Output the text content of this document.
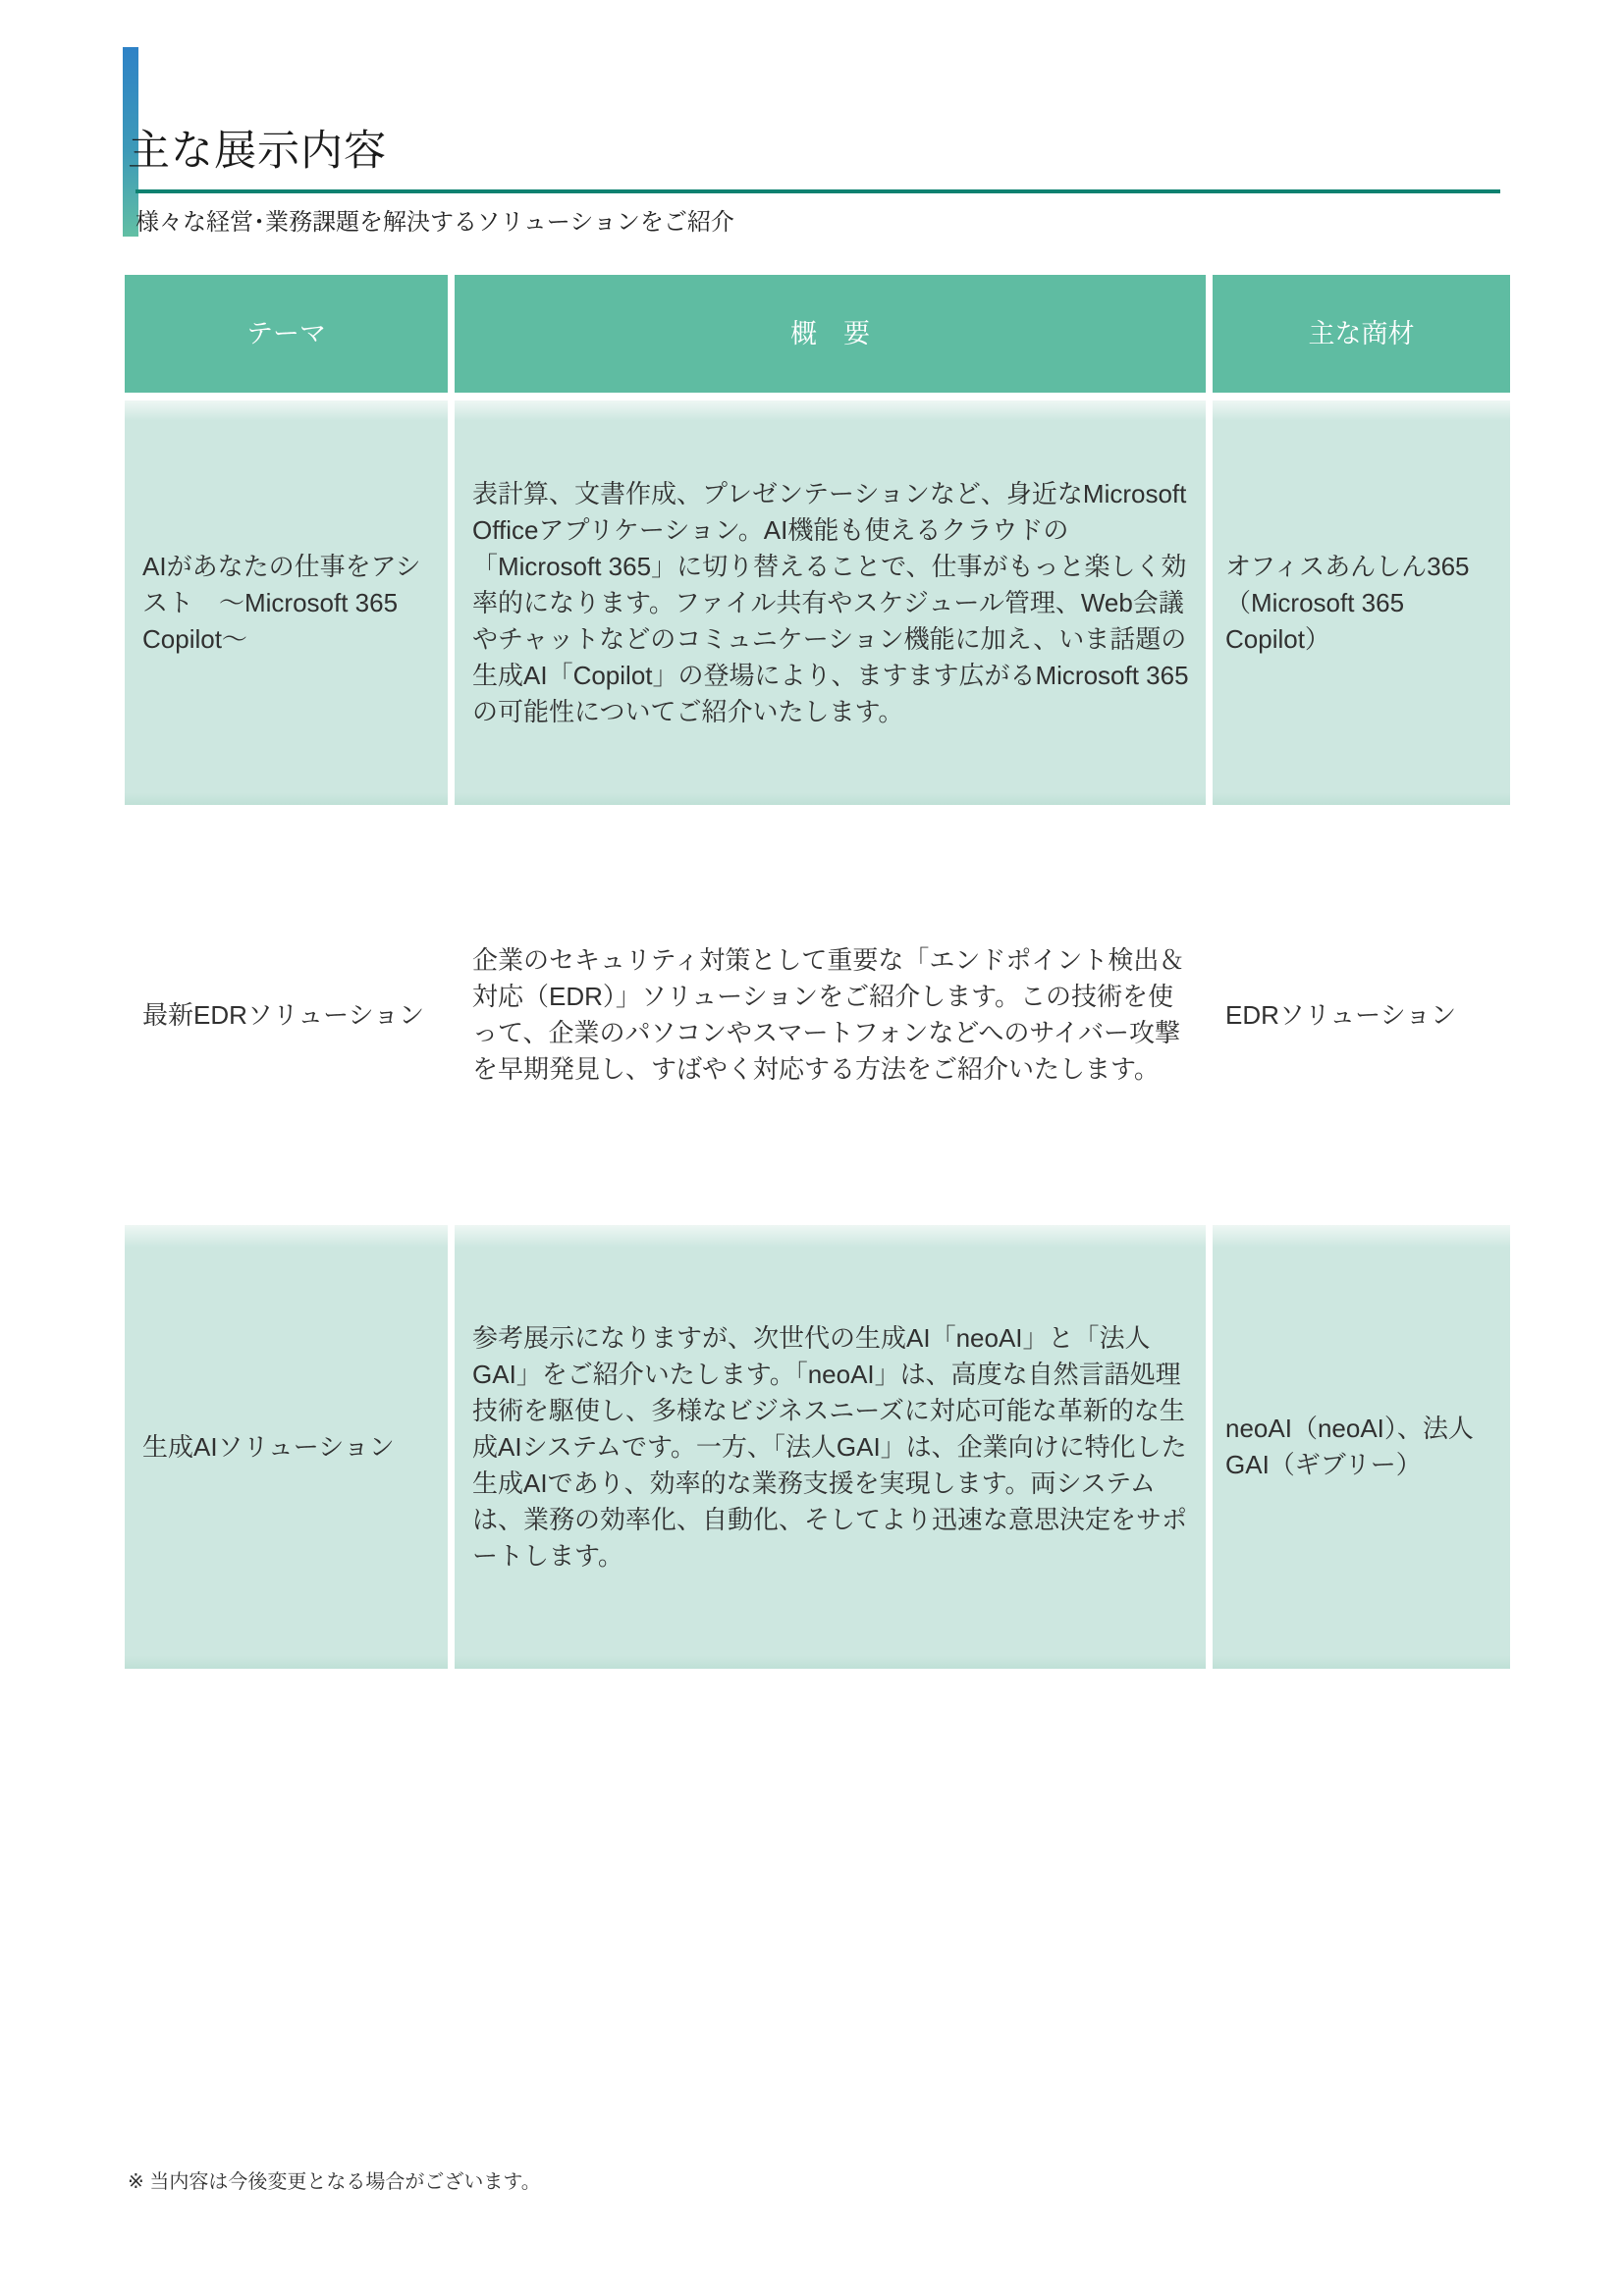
主な展示内容
様々な経営･業務課題を解決するソリューションをご紹介
テーマ	概　要	主な商材
AIがあなたの仕事をアシスト　～Microsoft 365 Copilot～
表計算、文書作成、プレゼンテーションなど、身近なMicrosoft Officeアプリケーション。AI機能も使えるクラウドの「Microsoft 365」に切り替えることで、仕事がもっと楽しく効率的になります。ファイル共有やスケジュール管理、Web会議やチャットなどのコミュニケーション機能に加え、いま話題の生成AI「Copilot」の登場により、ますます広がるMicrosoft 365の可能性についてご紹介いたします。
オフィスあんしん365（Microsoft 365 Copilot）
最新EDRソリューション
企業のセキュリティ対策として重要な「エンドポイント検出＆対応（EDR）」ソリューションをご紹介します。この技術を使って、企業のパソコンやスマートフォンなどへのサイバー攻撃を早期発見し、すばやく対応する方法をご紹介いたします。
EDRソリューション
生成AIソリューション
参考展示になりますが、次世代の生成AI「neoAI」と「法人GAI」をご紹介いたします。「neoAI」は、高度な自然言語処理技術を駆使し、多様なビジネスニーズに対応可能な革新的な生成AIシステムです。一方、「法人GAI」は、企業向けに特化した生成AIであり、効率的な業務支援を実現します。両システムは、業務の効率化、自動化、そしてより迅速な意思決定をサポートします。
neoAI（neoAI）、法人GAI（ギブリー）
※ 当内容は今後変更となる場合がございます。
